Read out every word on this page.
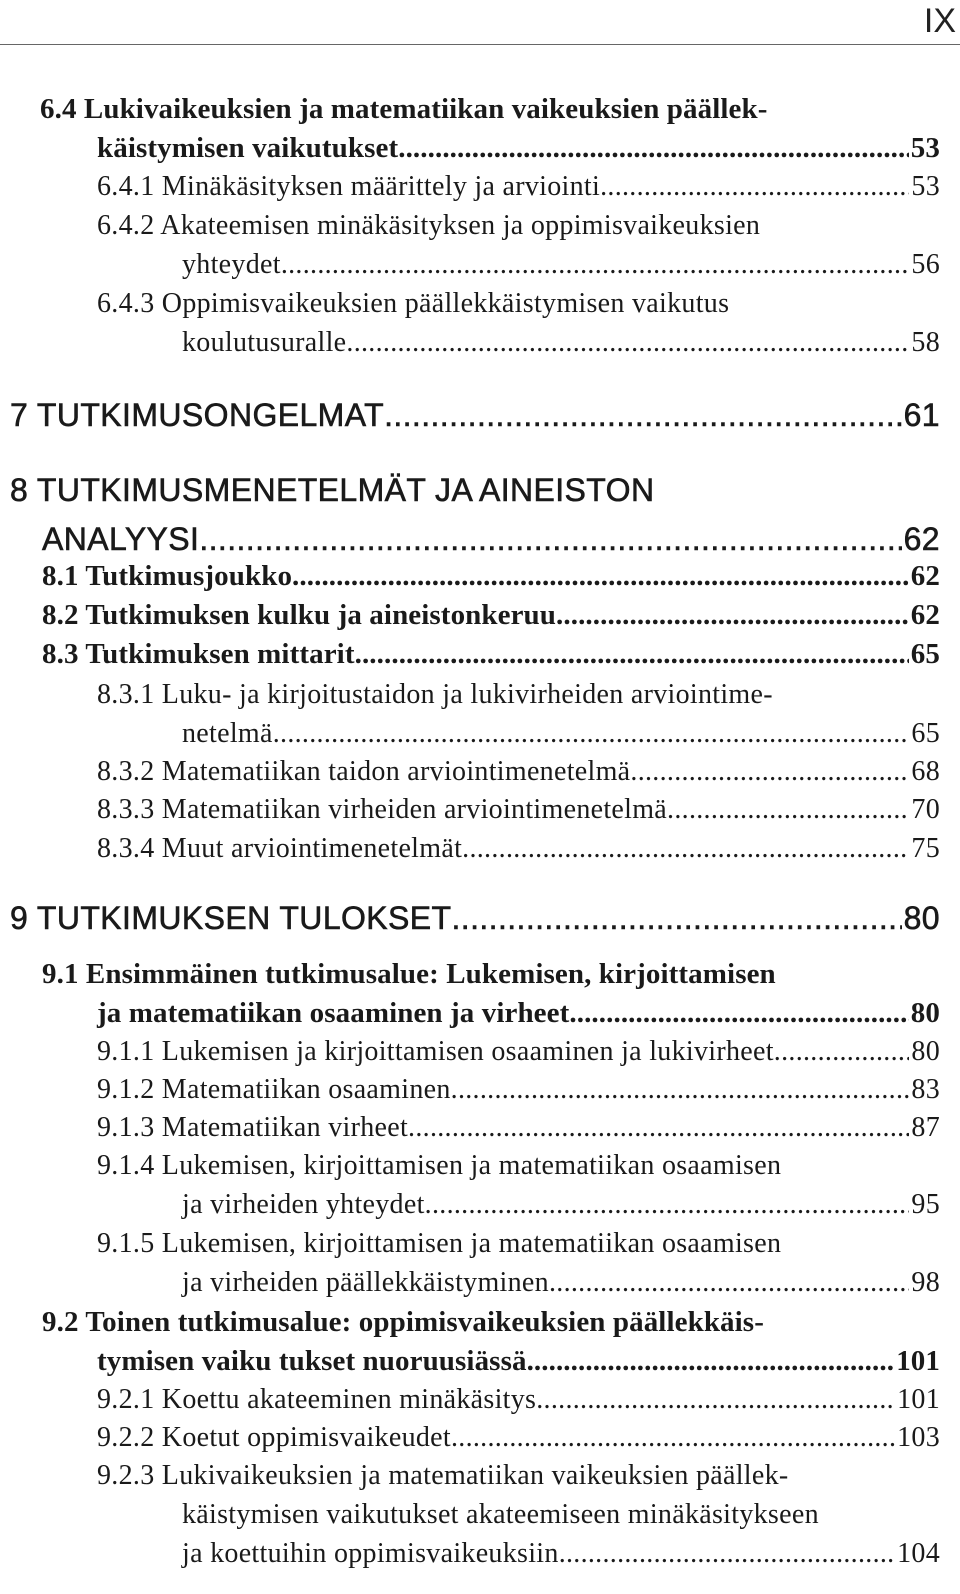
IX
6.4 Lukivaikeuksien ja matematiikan vaikeuksien päällek-
käistymisen vaikutukset .....	53
6.4.1 Minäkäsityksen määrittely ja arviointi .....	53
6.4.2 Akateemisen minäkäsityksen ja oppimisvaikeuksien
yhteydet .....	56
6.4.3 Oppimisvaikeuksien päällekkäistymisen vaikutus
koulutusuralle .....	58
7 TUTKIMUSONGELMAT .....	61
8 TUTKIMUSMENETELMÄT JA AINEISTON
ANALYYSI .....	62
8.1 Tutkimusjoukko .....	62
8.2 Tutkimuksen kulku ja aineistonkeruu .....	62
8.3 Tutkimuksen mittarit .....	65
8.3.1 Luku- ja kirjoitustaidon ja lukivirheiden arviointime-
netelmä .....	65
8.3.2 Matematiikan taidon arviointimenetelmä .....	68
8.3.3 Matematiikan virheiden arviointimenetelmä .....	70
8.3.4 Muut arviointimenetelmät .....	75
9 TUTKIMUKSEN TULOKSET .....	80
9.1 Ensimmäinen tutkimusalue: Lukemisen, kirjoittamisen
ja matematiikan osaaminen ja virheet .....	80
9.1.1 Lukemisen ja kirjoittamisen osaaminen ja lukivirheet .....	80
9.1.2 Matematiikan osaaminen .....	83
9.1.3 Matematiikan virheet .....	87
9.1.4 Lukemisen, kirjoittamisen ja matematiikan osaamisen
ja virheiden yhteydet .....	95
9.1.5 Lukemisen, kirjoittamisen ja matematiikan osaamisen
ja virheiden päällekkäistyminen .....	98
9.2 Toinen tutkimusalue: oppimisvaikeuksien päällekkäis-
tymisen vaiku tukset nuoruusiässä .....	101
9.2.1 Koettu akateeminen minäkäsitys .....	101
9.2.2 Koetut oppimisvaikeudet .....	103
9.2.3 Lukivaikeuksien ja matematiikan vaikeuksien päällek-
käistymisen vaikutukset akateemiseen minäkäsitykseen
ja koettuihin oppimisvaikeuksiin .....	104
